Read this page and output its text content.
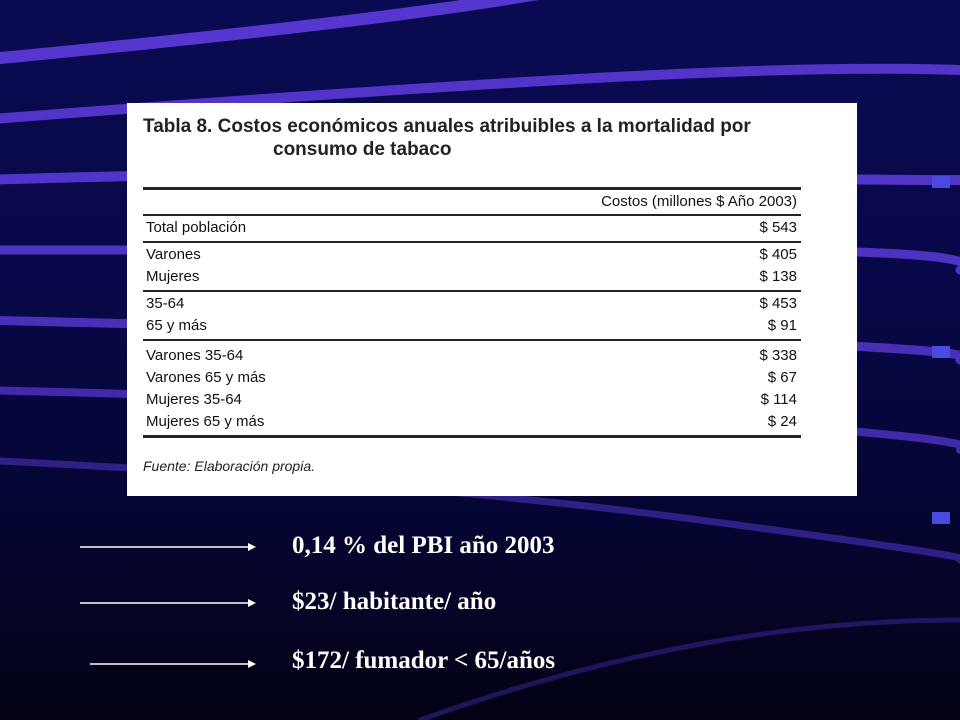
Tabla 8. Costos económicos anuales atribuibles a la mortalidad por
consumo de tabaco
Costos (millones $ Año 2003)
Total población	$ 543
Varones	$ 405
Mujeres	$ 138
35-64	$ 453
65 y más	$ 91
Varones 35-64	$ 338
Varones 65 y más	$ 67
Mujeres 35-64	$ 114
Mujeres 65 y más	$ 24
Fuente: Elaboración propia.
0,14 % del PBI año 2003
$23/ habitante/ año
$172/ fumador < 65/años
